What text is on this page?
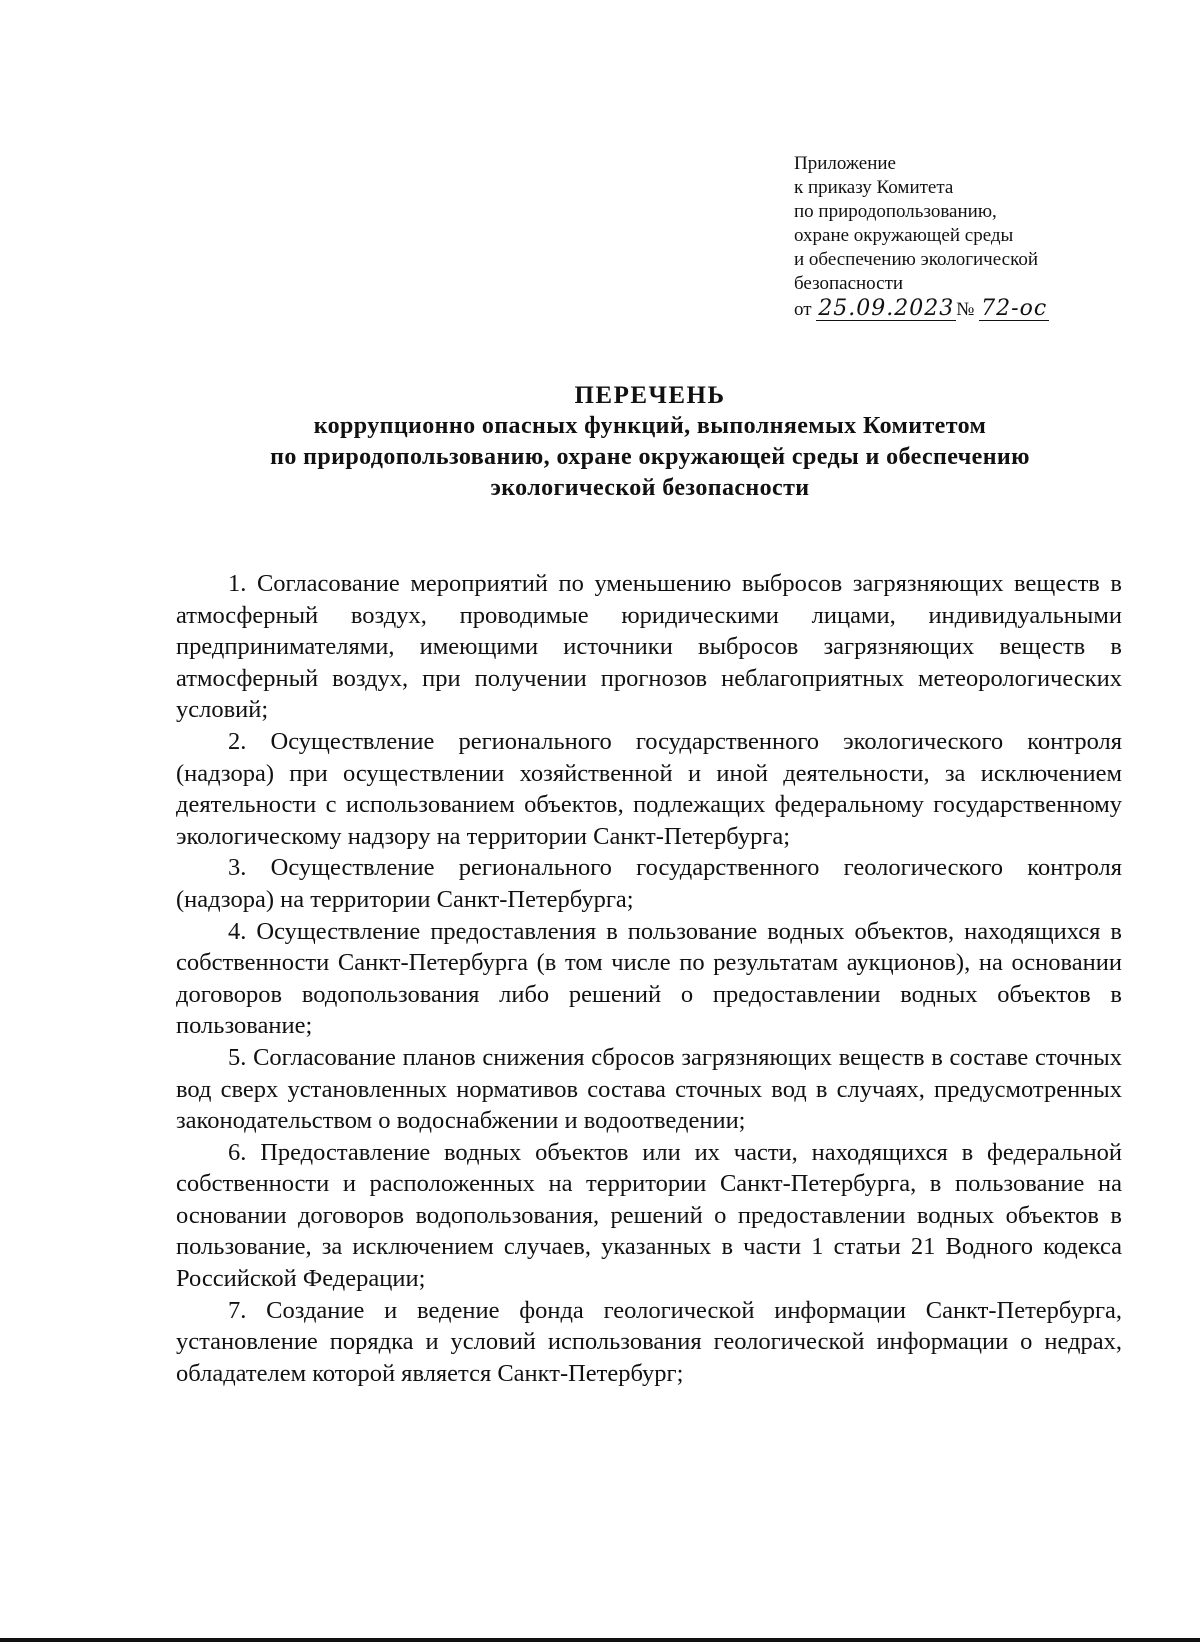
Приложение
к приказу Комитета
по природопользованию,
охране окружающей среды
и обеспечению экологической
безопасности
от 25.09.2023 № 72-ос
ПЕРЕЧЕНЬ
коррупционно опасных функций, выполняемых Комитетом
по природопользованию, охране окружающей среды и обеспечению
экологической безопасности

1. Согласование мероприятий по уменьшению выбросов загрязняющих веществ в атмосферный воздух, проводимые юридическими лицами, индивидуальными предпринимателями, имеющими источники выбросов загрязняющих веществ в атмосферный воздух, при получении прогнозов неблагоприятных метеорологических условий;

2. Осуществление регионального государственного экологического контроля (надзора) при осуществлении хозяйственной и иной деятельности, за исключением деятельности с использованием объектов, подлежащих федеральному государственному экологическому надзору на территории Санкт-Петербурга;

3. Осуществление регионального государственного геологического контроля (надзора) на территории Санкт-Петербурга;

4. Осуществление предоставления в пользование водных объектов, находящихся в собственности Санкт-Петербурга (в том числе по результатам аукционов), на основании договоров водопользования либо решений о предоставлении водных объектов в пользование;

5. Согласование планов снижения сбросов загрязняющих веществ в составе сточных вод сверх установленных нормативов состава сточных вод в случаях, предусмотренных законодательством о водоснабжении и водоотведении;

6. Предоставление водных объектов или их части, находящихся в федеральной собственности и расположенных на территории Санкт-Петербурга, в пользование на основании договоров водопользования, решений о предоставлении водных объектов в пользование, за исключением случаев, указанных в части 1 статьи 21 Водного кодекса Российской Федерации;

7. Создание и ведение фонда геологической информации Санкт-Петербурга, установление порядка и условий использования геологической информации о недрах, обладателем которой является Санкт-Петербург;
